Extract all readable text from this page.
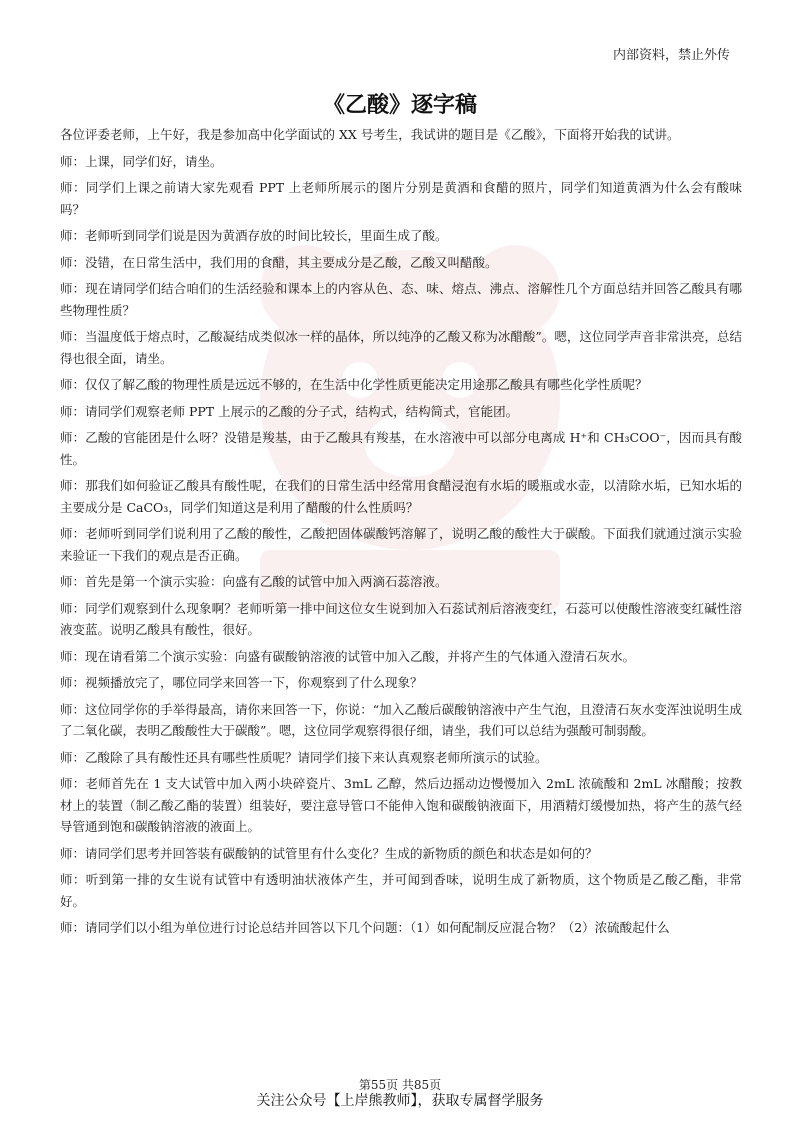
内部资料，禁止外传
《乙酸》逐字稿

各位评委老师，上午好，我是参加高中化学面试的 XX 号考生，我试讲的题目是《乙酸》，下面将开始我的试讲。

师：上课，同学们好，请坐。

师：同学们上课之前请大家先观看 PPT 上老师所展示的图片分别是黄酒和食醋的照片，同学们知道黄酒为什么会有酸味吗？

师：老师听到同学们说是因为黄酒存放的时间比较长，里面生成了酸。

师：没错，在日常生活中，我们用的食醋，其主要成分是乙酸，乙酸又叫醋酸。

师：现在请同学们结合咱们的生活经验和课本上的内容从色、态、味、熔点、沸点、溶解性几个方面总结并回答乙酸具有哪些物理性质？

师：当温度低于熔点时，乙酸凝结成类似冰一样的晶体，所以纯净的乙酸又称为冰醋酸”。嗯，这位同学声音非常洪亮，总结得也很全面，请坐。

师：仅仅了解乙酸的物理性质是远远不够的，在生活中化学性质更能决定用途那乙酸具有哪些化学性质呢？

师：请同学们观察老师 PPT 上展示的乙酸的分子式，结构式，结构简式，官能团。

师：乙酸的官能团是什么呀？没错是羧基，由于乙酸具有羧基，在水溶液中可以部分电离成 H⁺和 CH₃COO⁻，因而具有酸性。

师：那我们如何验证乙酸具有酸性呢，在我们的日常生活中经常用食醋浸泡有水垢的暖瓶或水壶，以清除水垢，已知水垢的主要成分是 CaCO₃，同学们知道这是利用了醋酸的什么性质吗？

师：老师听到同学们说利用了乙酸的酸性，乙酸把固体碳酸钙溶解了，说明乙酸的酸性大于碳酸。下面我们就通过演示实验来验证一下我们的观点是否正确。

师：首先是第一个演示实验：向盛有乙酸的试管中加入两滴石蕊溶液。

师：同学们观察到什么现象啊？老师听第一排中间这位女生说到加入石蕊试剂后溶液变红，石蕊可以使酸性溶液变红碱性溶液变蓝。说明乙酸具有酸性，很好。

师：现在请看第二个演示实验：向盛有碳酸钠溶液的试管中加入乙酸，并将产生的气体通入澄清石灰水。

师：视频播放完了，哪位同学来回答一下，你观察到了什么现象？

师：这位同学你的手举得最高，请你来回答一下，你说：“加入乙酸后碳酸钠溶液中产生气泡，且澄清石灰水变浑浊说明生成了二氧化碳，表明乙酸酸性大于碳酸”。嗯，这位同学观察得很仔细，请坐，我们可以总结为强酸可制弱酸。

师：乙酸除了具有酸性还具有哪些性质呢？请同学们接下来认真观察老师所演示的试验。

师：老师首先在 1 支大试管中加入两小块碎瓷片、3mL 乙醇，然后边摇动边慢慢加入 2mL 浓硫酸和 2mL 冰醋酸；按教材上的装置（制乙酸乙酯的装置）组装好，要注意导管口不能伸入饱和碳酸钠液面下，用酒精灯缓慢加热，将产生的蒸气经导管通到饱和碳酸钠溶液的液面上。

师：请同学们思考并回答装有碳酸钠的试管里有什么变化？生成的新物质的颜色和状态是如何的？

师：听到第一排的女生说有试管中有透明油状液体产生，并可闻到香味，说明生成了新物质，这个物质是乙酸乙酯，非常好。

师：请同学们以小组为单位进行讨论总结并回答以下几个问题：（1）如何配制反应混合物？（2）浓硫酸起什么

第55页 共85页
关注公众号【上岸熊教师】，获取专属督学服务
